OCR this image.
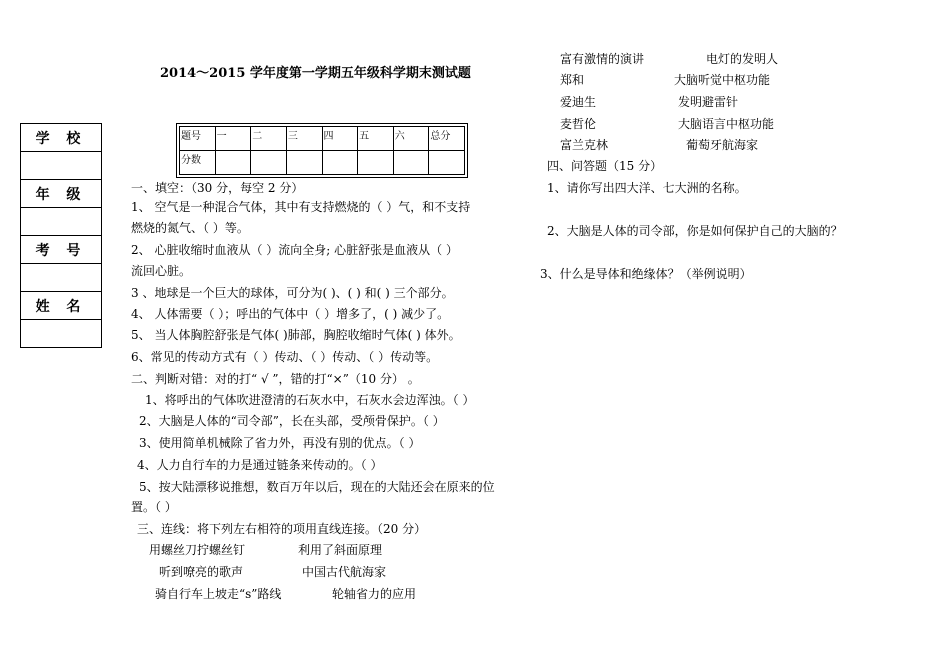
2014～2015 学年度第一学期五年级科学期末测试题
学 校

年 级

考 号

姓 名

题号	一	二	三	四	五	六	总分
分数							
一、填空：（30 分，每空 2 分）
1、 空气是一种混合气体，其中有支持燃烧的（ ）气，和不支持
燃烧的氮气、（ ）等。
2、 心脏收缩时血液从（ ）流向全身; 心脏舒张是血液从（ ）
流回心脏。
3 、地球是一个巨大的球体，可分为( )、( ) 和( ) 三个部分。
4、 人体需要（ ）；呼出的气体中（ ）增多了，( ) 减少了。
5、 当人体胸腔舒张是气体( )肺部，胸腔收缩时气体( ) 体外。
6、常见的传动方式有（ ）传动、（ ）传动、（ ）传动等。
二、判断对错：对的打“ √ ”，错的打“×”（10 分） 。
1、将呼出的气体吹进澄清的石灰水中，石灰水会边浑浊。（ ）
2、大脑是人体的“司令部”，长在头部，受颅骨保护。（ ）
3、使用简单机械除了省力外，再没有别的优点。（ ）
4、人力自行车的力是通过链条来传动的。（ ）
5、按大陆漂移说推想，数百万年以后，现在的大陆还会在原来的位
置。（ ）
三、连线：将下列左右相符的项用直线连接。（20 分）
用螺丝刀拧螺丝钉	利用了斜面原理
听到嘹亮的歌声	中国古代航海家
骑自行车上坡走“s”路线	轮轴省力的应用
富有激情的演讲	电灯的发明人
郑和	大脑听觉中枢功能
爱迪生	发明避雷针
麦哲伦	大脑语言中枢功能
富兰克林	葡萄牙航海家
四、问答题（15 分）
1、请你写出四大洋、七大洲的名称。
2、大脑是人体的司令部，你是如何保护自己的大脑的？
3、什么是导体和绝缘体？（举例说明）
